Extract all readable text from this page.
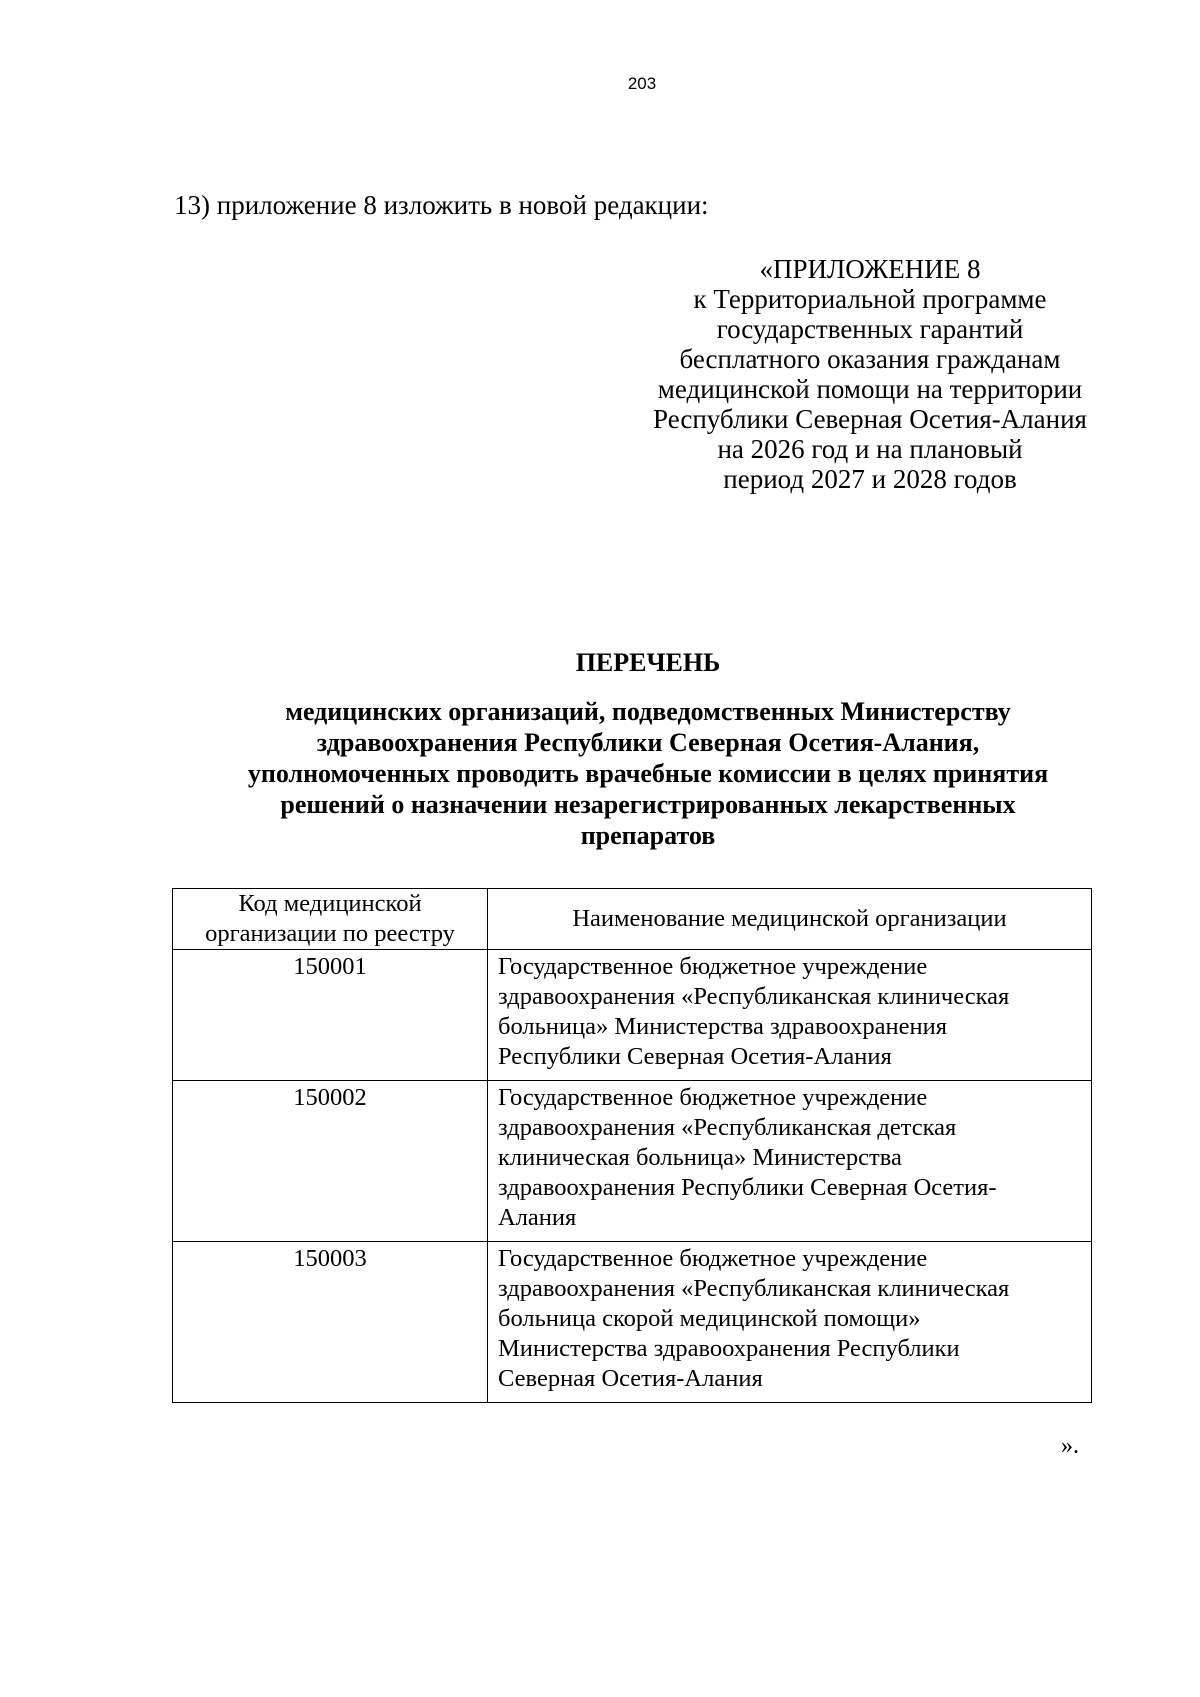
203
13) приложение 8 изложить в новой редакции:
«ПРИЛОЖЕНИЕ 8
к Территориальной программе
государственных гарантий
бесплатного оказания гражданам
медицинской помощи на территории
Республики Северная Осетия-Алания
на 2026 год и на плановый
период 2027 и 2028 годов
ПЕРЕЧЕНЬ
медицинских организаций, подведомственных Министерству
здравоохранения Республики Северная Осетия-Алания,
уполномоченных проводить врачебные комиссии в целях принятия
решений о назначении незарегистрированных лекарственных
препаратов
Код медицинской
организации по реестру	Наименование медицинской организации
150001	Государственное бюджетное учреждение
здравоохранения «Республиканская клиническая
больница» Министерства здравоохранения
Республики Северная Осетия-Алания

150002	Государственное бюджетное учреждение
здравоохранения «Республиканская детская
клиническая больница» Министерства
здравоохранения Республики Северная Осетия-
Алания

150003	Государственное бюджетное учреждение
здравоохранения «Республиканская клиническая
больница скорой медицинской помощи»
Министерства здравоохранения Республики
Северная Осетия-Алания
».
